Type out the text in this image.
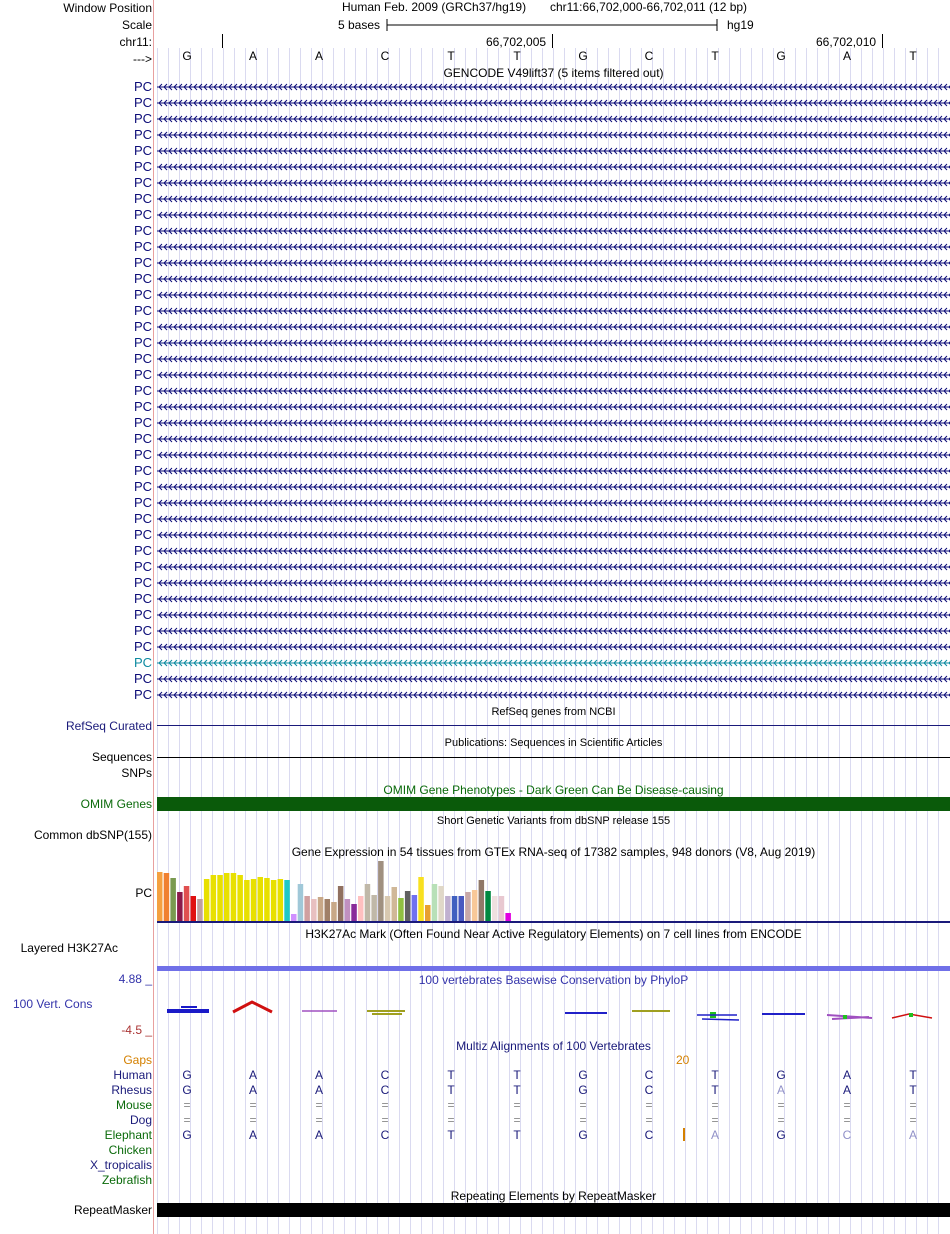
Window Position
Scale
chr11:
--->
Human Feb. 2009 (GRCh37/hg19) chr11:66,702,000-66,702,011 (12 bp)
5 bases	hg19
66,702,005	66,702,010
G	A	A	C	T	T	G	C	T	G	A	T
GENCODE V49lift37 (5 items filtered out)
PC
PC
PC
PC
PC
PC
PC
PC
PC
PC
PC
PC
PC
PC
PC
PC
PC
PC
PC
PC
PC
PC
PC
PC
PC
PC
PC
PC
PC
PC
PC
PC
PC
PC
PC
PC
PC
PC
PC
RefSeq genes from NCBI
RefSeq Curated
Publications: Sequences in Scientific Articles
Sequences
SNPs
OMIM Gene Phenotypes - Dark Green Can Be Disease-causing
OMIM Genes
Short Genetic Variants from dbSNP release 155
Common dbSNP(155)
Gene Expression in 54 tissues from GTEx RNA-seq of 17382 samples, 948 donors (V8, Aug 2019)
PC
H3K27Ac Mark (Often Found Near Active Regulatory Elements) on 7 cell lines from ENCODE
Layered H3K27Ac
100 vertebrates Basewise Conservation by PhyloP
4.88 _
100 Vert. Cons
-4.5 _
Multiz Alignments of 100 Vertebrates
Gaps	20
Human	G	A	A	C	T	T	G	C	T	G	A	T
Rhesus	G	A	A	C	T	T	G	C	T	A	A	T
Mouse	=	=	=	=	=	=	=	=	=	=	=	=
Dog	=	=	=	=	=	=	=	=	=	=	=	=
Elephant	G	A	A	C	T	T	G	C	A	G	C	A
Chicken
X_tropicalis
Zebrafish
Repeating Elements by RepeatMasker
RepeatMasker
